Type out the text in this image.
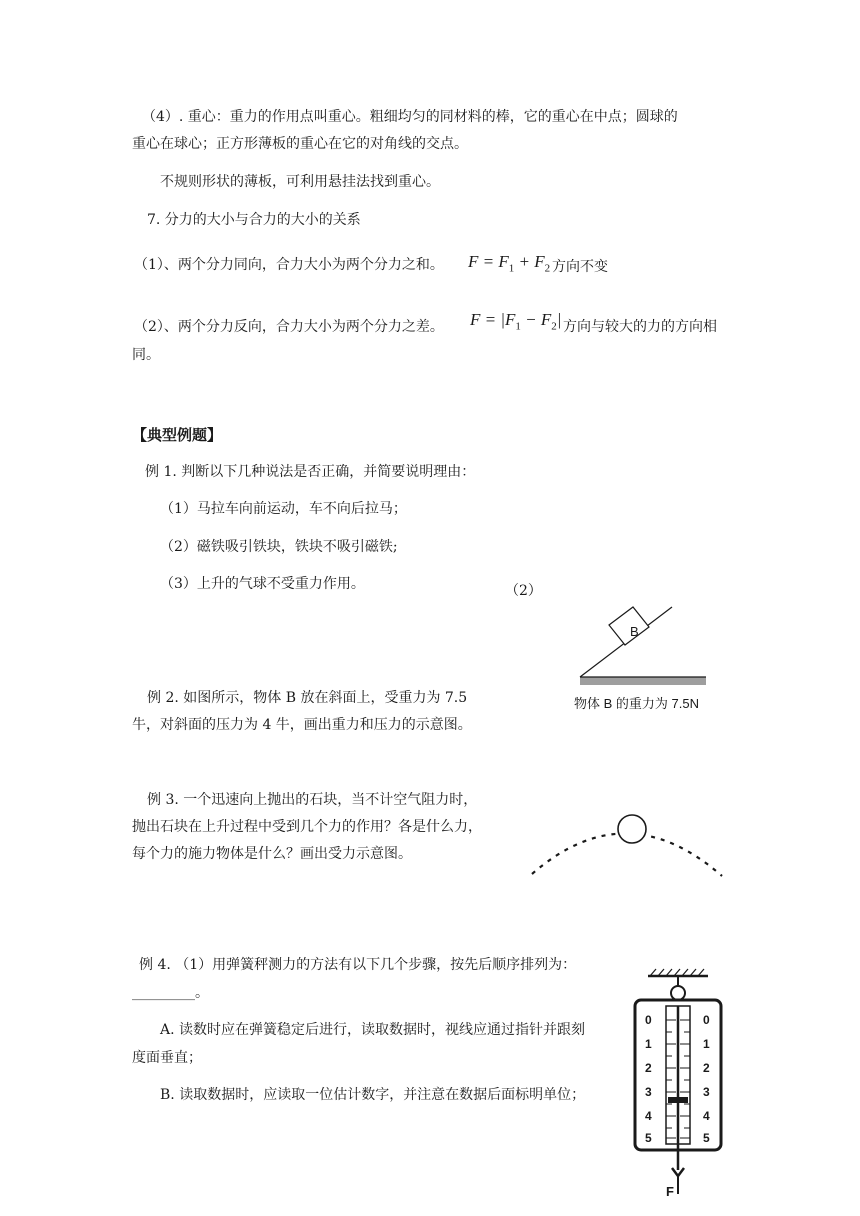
（4）. 重心：重力的作用点叫重心。粗细均匀的同材料的棒，它的重心在中点；圆球的
重心在球心；正方形薄板的重心在它的对角线的交点。
不规则形状的薄板，可利用悬挂法找到重心。
7. 分力的大小与合力的大小的关系
（1）、两个分力同向，合力大小为两个分力之和。 $F = F_1 + F_2$ 方向不变
（2）、两个分力反向，合力大小为两个分力之差。 $F = |F_1 - F_2|$ 方向与较大的力的方向相
同。
【典型例题】
例 1. 判断以下几种说法是否正确，并简要说明理由：
（1）马拉车向前运动，车不向后拉马；
（2）磁铁吸引铁块，铁块不吸引磁铁;
（3）上升的气球不受重力作用。	（2）
B
物体 B 的重力为 7.5N
例 2. 如图所示，物体 B 放在斜面上，受重力为 7.5
牛，对斜面的压力为 4 牛，画出重力和压力的示意图。
例 3. 一个迅速向上抛出的石块，当不计空气阻力时，
抛出石块在上升过程中受到几个力的作用？各是什么力，
每个力的施力物体是什么？画出受力示意图。
例 4. （1）用弹簧秤测力的方法有以下几个步骤，按先后顺序排列为：
_________。
A. 读数时应在弹簧稳定后进行，读取数据时，视线应通过指针并跟刻
度面垂直；
B. 读取数据时，应读取一位估计数字，并注意在数据后面标明单位；
0
1
2
3
4
5
0
1
2
3
4
5
F
